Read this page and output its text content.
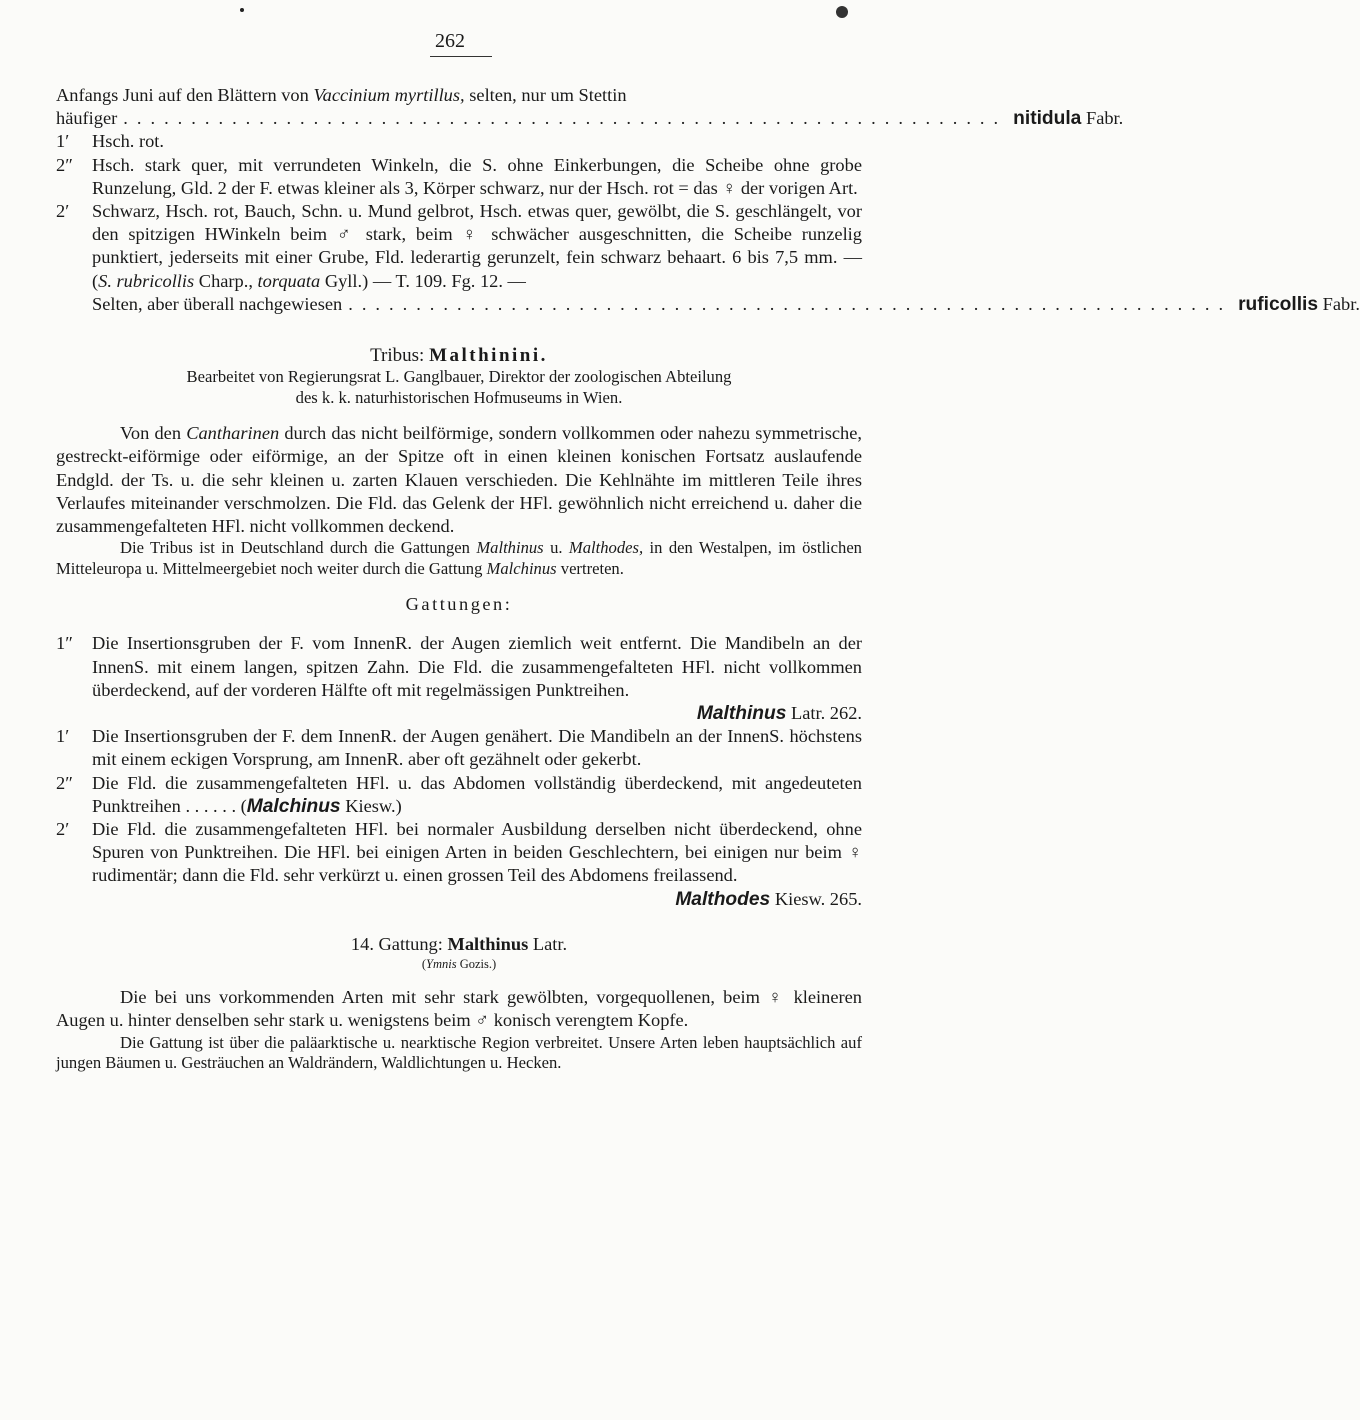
262

Anfangs Juni auf den Blättern von Vaccinium myrtillus, selten, nur um Stettin

häufiger ................................................................. nitidula
Fabr.
1′	Hsch. rot.
2″	Hsch. stark quer, mit verrundeten Winkeln, die S. ohne Einkerbungen, die Scheibe ohne grobe Runzelung, Gld. 2 der F. etwas kleiner als 3, Körper schwarz, nur der Hsch. rot = das ♀ der vorigen Art.
2′	Schwarz, Hsch. rot, Bauch, Schn. u. Mund gelbrot, Hsch. etwas quer, gewölbt, die S. geschlängelt, vor den spitzigen HWinkeln beim ♂ stark, beim ♀ schwächer ausgeschnitten, die Scheibe runzelig punktiert, jederseits mit einer Grube, Fld. lederartig gerunzelt, fein schwarz behaart. 6 bis 7,5 mm. — (S. rubricollis Charp., torquata Gyll.) — T. 109. Fg. 12. —
Selten, aber überall nachgewiesen ................................................................. ruficollis
Fabr.

Tribus: Malthinini.

Bearbeitet von Regierungsrat L. Ganglbauer, Direktor der zoologischen Abteilung

des k. k. naturhistorischen Hofmuseums in Wien.

Von den Cantharinen durch das nicht beilförmige, sondern vollkommen oder nahezu symmetrische, gestreckt-eiförmige oder eiförmige, an der Spitze oft in einen kleinen konischen Fortsatz auslaufende Endgld. der Ts. u. die sehr kleinen u. zarten Klauen verschieden. Die Kehlnähte im mittleren Teile ihres Verlaufes miteinander verschmolzen. Die Fld. das Gelenk der HFl. gewöhnlich nicht erreichend u. daher die zusammengefalteten HFl. nicht vollkommen deckend.

Die Tribus ist in Deutschland durch die Gattungen Malthinus u. Malthodes, in den Westalpen, im östlichen Mitteleuropa u. Mittelmeergebiet noch weiter durch die Gattung Malchinus vertreten.

Gattungen:

1″	Die Insertionsgruben der F. vom InnenR. der Augen ziemlich weit entfernt. Die Mandibeln an der InnenS. mit einem langen, spitzen Zahn. Die Fld. die zusammengefalteten HFl. nicht vollkommen überdeckend, auf der vorderen Hälfte oft mit regelmässigen Punktreihen.
Malthinus Latr. 262.
1′	Die Insertionsgruben der F. dem InnenR. der Augen genähert. Die Mandibeln an der InnenS. höchstens mit einem eckigen Vorsprung, am InnenR. aber oft gezähnelt oder gekerbt.
2″	Die Fld. die zusammengefalteten HFl. u. das Abdomen vollständig überdeckend, mit angedeuteten Punktreihen . . . . . . (Malchinus Kiesw.)
2′	Die Fld. die zusammengefalteten HFl. bei normaler Ausbildung derselben nicht überdeckend, ohne Spuren von Punktreihen. Die HFl. bei einigen Arten in beiden Geschlechtern, bei einigen nur beim ♀ rudimentär; dann die Fld. sehr verkürzt u. einen grossen Teil des Abdomens freilassend.
Malthodes Kiesw. 265.

14. Gattung: Malthinus Latr.

(Ymnis Gozis.)

Die bei uns vorkommenden Arten mit sehr stark gewölbten, vorgequollenen, beim ♀ kleineren Augen u. hinter denselben sehr stark u. wenigstens beim ♂ konisch verengtem Kopfe.

Die Gattung ist über die paläarktische u. nearktische Region verbreitet. Unsere Arten leben hauptsächlich auf jungen Bäumen u. Gesträuchen an Waldrändern, Waldlichtungen u. Hecken.
